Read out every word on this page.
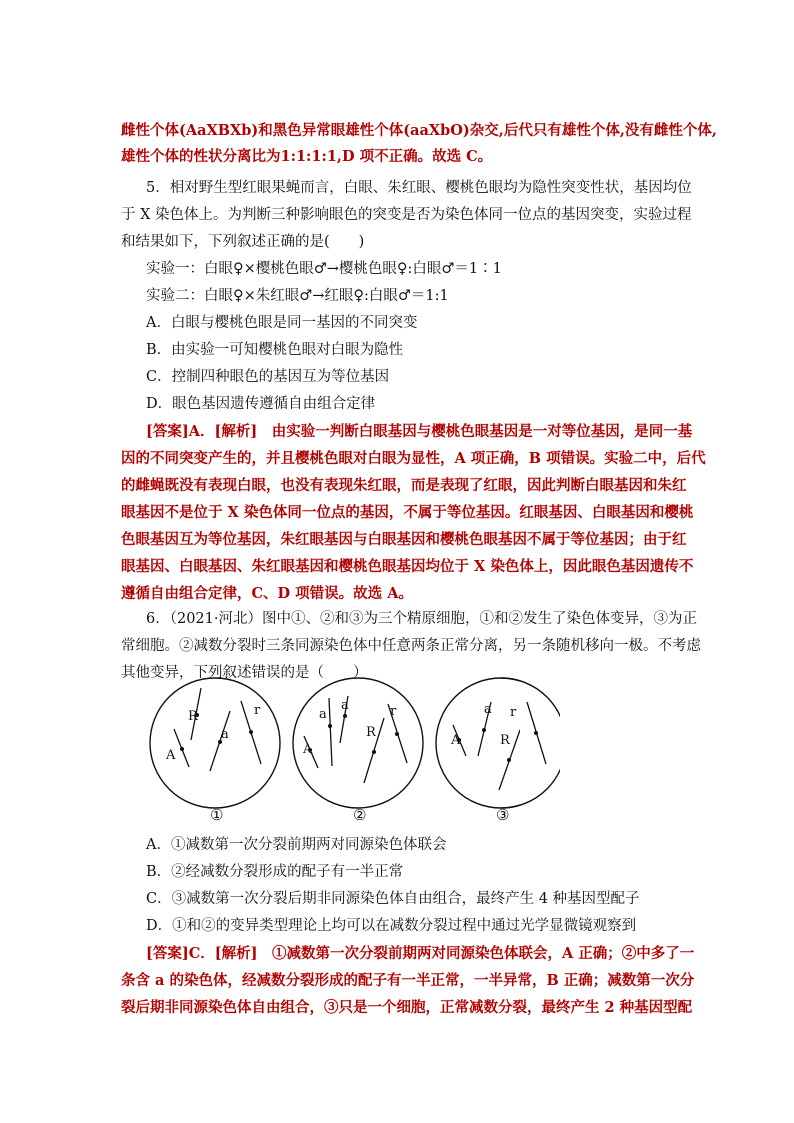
雌性个体(AaXBXb)和黑色异常眼雄性个体(aaXbO)杂交,后代只有雄性个体,没有雌性个体,
雄性个体的性状分离比为1:1:1:1,D 项不正确。故选 C。
5．相对野生型红眼果蝇而言，白眼、朱红眼、樱桃色眼均为隐性突变性状，基因均位
于 X 染色体上。为判断三种影响眼色的突变是否为染色体同一位点的基因突变，实验过程
和结果如下，下列叙述正确的是(　　)
实验一：白眼♀×樱桃色眼♂→樱桃色眼♀:白眼♂＝1∶1
实验二：白眼♀×朱红眼♂→红眼♀:白眼♂＝1:1
A．白眼与樱桃色眼是同一基因的不同突变
B．由实验一可知樱桃色眼对白眼为隐性
C．控制四种眼色的基因互为等位基因
D．眼色基因遗传遵循自由组合定律
[答案]A．[解析]　由实验一判断白眼基因与樱桃色眼基因是一对等位基因，是同一基
因的不同突变产生的，并且樱桃色眼对白眼为显性，A 项正确，B 项错误。实验二中，后代
的雌蝇既没有表现白眼，也没有表现朱红眼，而是表现了红眼，因此判断白眼基因和朱红
眼基因不是位于 X 染色体同一位点的基因，不属于等位基因。红眼基因、白眼基因和樱桃
色眼基因互为等位基因，朱红眼基因与白眼基因和樱桃色眼基因不属于等位基因；由于红
眼基因、白眼基因、朱红眼基因和樱桃色眼基因均位于 X 染色体上，因此眼色基因遗传不
遵循自由组合定律，C、D 项错误。故选 A。
6．（2021·河北）图中①、②和③为三个精原细胞，①和②发生了染色体变异，③为正
常细胞。②减数分裂时三条同源染色体中任意两条正常分离，另一条随机移向一极。不考虑
其他变异，下列叙述错误的是（　　）
R
a
A
r	a
a
A
R
r	a
A	R
r
①	②	③
A．①减数第一次分裂前期两对同源染色体联会
B．②经减数分裂形成的配子有一半正常
C．③减数第一次分裂后期非同源染色体自由组合，最终产生 4 种基因型配子
D．①和②的变异类型理论上均可以在减数分裂过程中通过光学显微镜观察到
[答案]C．[解析]　①减数第一次分裂前期两对同源染色体联会，A 正确；②中多了一
条含 a 的染色体，经减数分裂形成的配子有一半正常，一半异常，B 正确；减数第一次分
裂后期非同源染色体自由组合，③只是一个细胞，正常减数分裂，最终产生 2 种基因型配
